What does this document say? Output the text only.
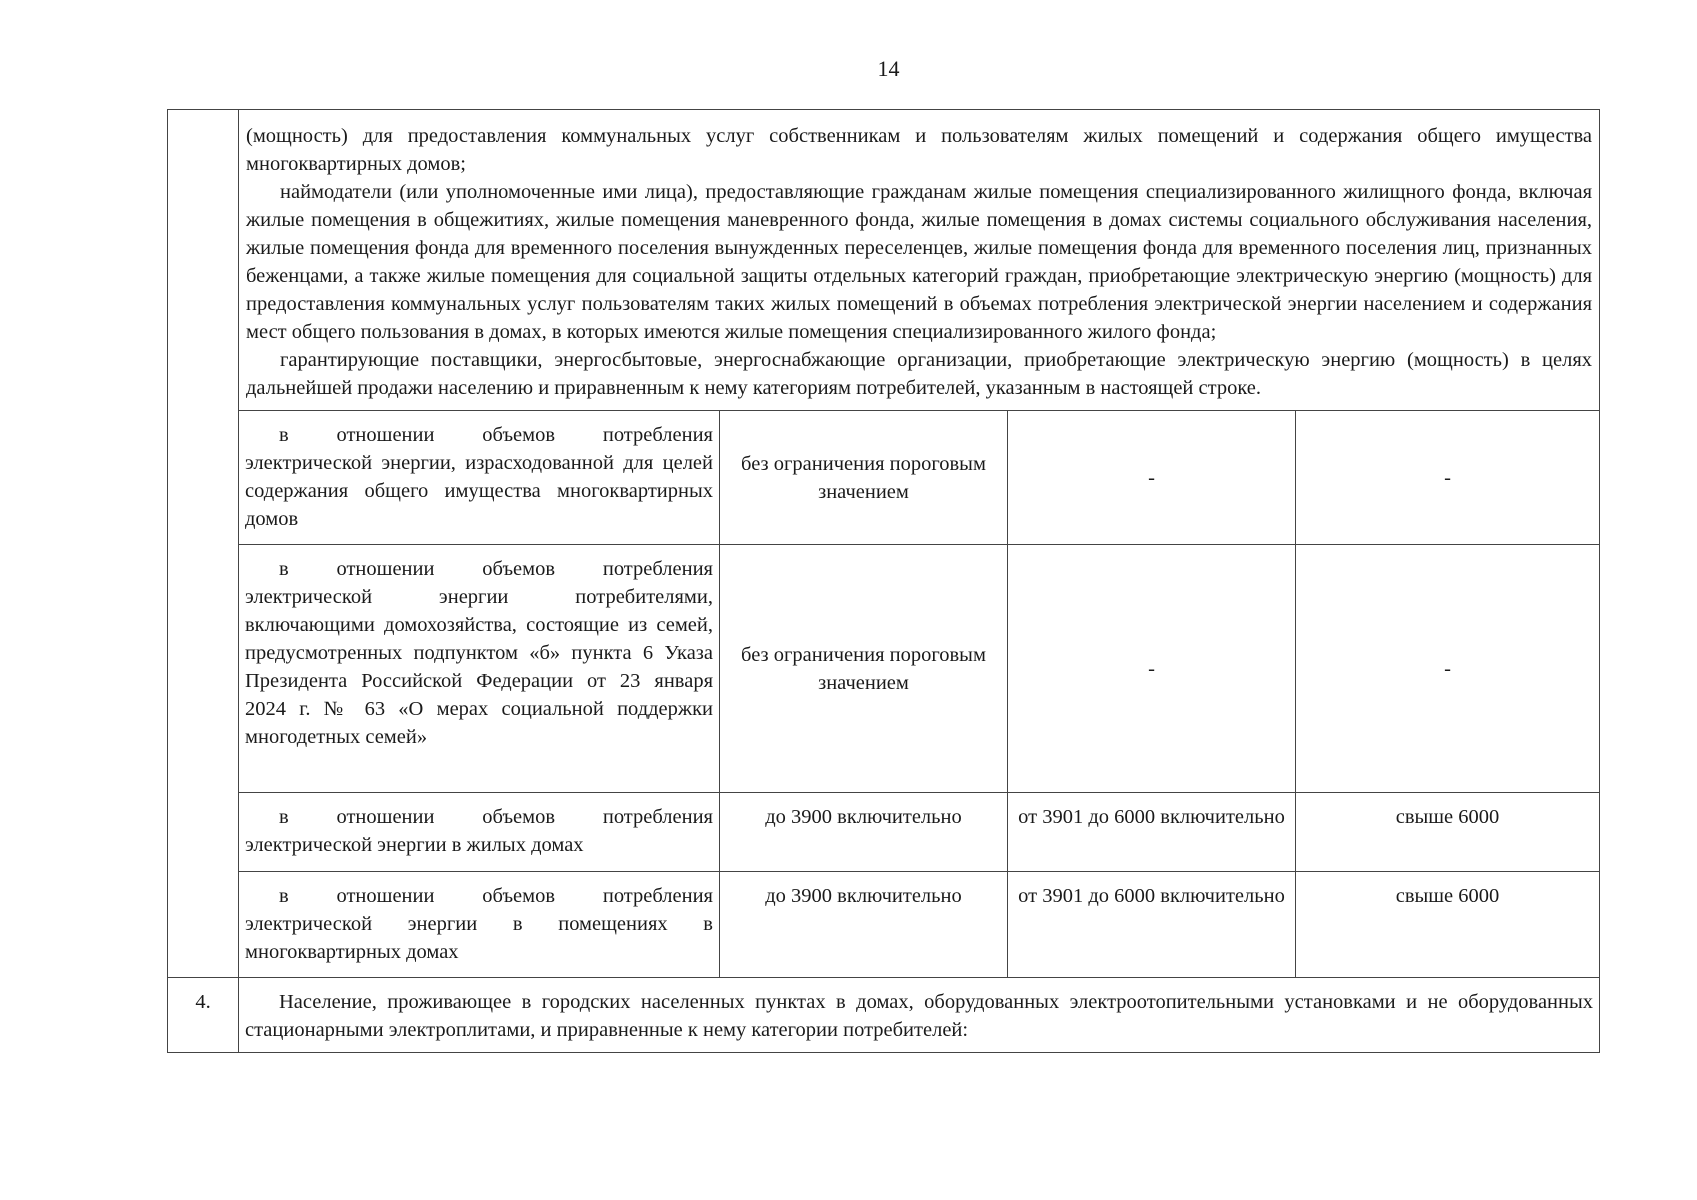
14

	(мощность) для предоставления коммунальных услуг собственникам и пользователям жилых помещений и содержания общего имущества многоквартирных домов;

наймодатели (или уполномоченные ими лица), предоставляющие гражданам жилые помещения специализированного жилищного фонда, включая жилые помещения в общежитиях, жилые помещения маневренного фонда, жилые помещения в домах системы социального обслуживания населения, жилые помещения фонда для временного поселения вынужденных переселенцев, жилые помещения фонда для временного поселения лиц, признанных беженцами, а также жилые помещения для социальной защиты отдельных категорий граждан, приобретающие электрическую энергию (мощность) для предоставления коммунальных услуг пользователям таких жилых помещений в объемах потребления электрической энергии населением и содержания мест общего пользования в домах, в которых имеются жилые помещения специализированного жилого фонда;

гарантирующие поставщики, энергосбытовые, энергоснабжающие организации, приобретающие электрическую энергию (мощность) в целях дальнейшей продажи населению и приравненным к нему категориям потребителей, указанным в настоящей строке.			

	в отношении объемов потребления электрической энергии, израсходованной для целей содержания общего имущества многоквартирных домов	без ограничения пороговым значением	-	-

	в отношении объемов потребления электрической энергии потребителями, включающими домохозяйства, состоящие из семей, предусмотренных подпунктом «б» пункта 6 Указа Президента Российской Федерации от 23 января 2024 г. № 63 «О мерах социальной поддержки многодетных семей»	без ограничения пороговым значением	-	-

	в отношении объемов потребления электрической энергии в жилых домах	до 3900 включительно	от 3901 до 6000 включительно	свыше 6000

	в отношении объемов потребления электрической энергии в помещениях в многоквартирных домах	до 3900 включительно	от 3901 до 6000 включительно	свыше 6000
4.	Население, проживающее в городских населенных пунктах в домах, оборудованных электроотопительными установками и не оборудованных стационарными электроплитами, и приравненные к нему категории потребителей:			
